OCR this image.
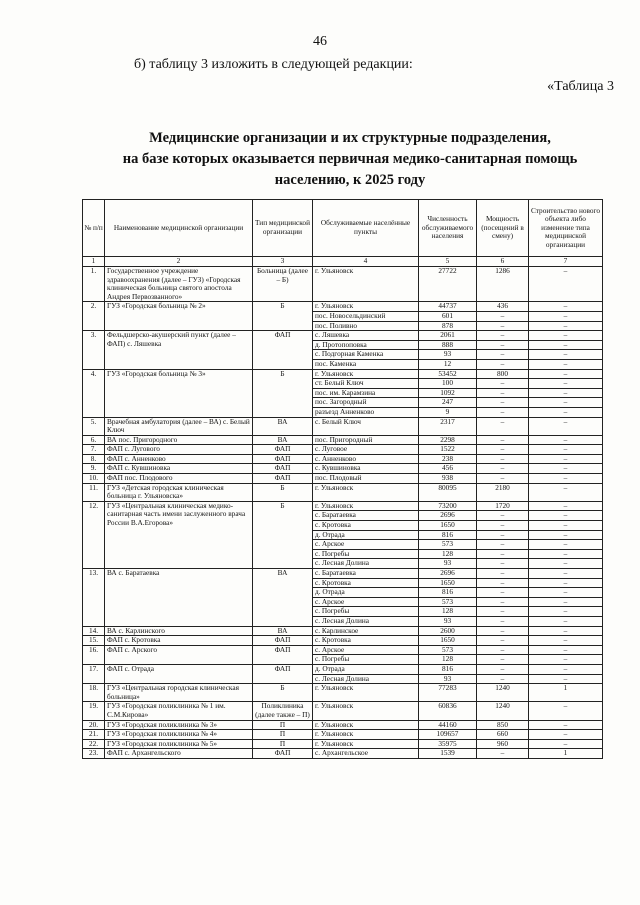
46
б) таблицу 3 изложить в следующей редакции:
«Таблица 3
Медицинские организации и их структурные подразделения,
на базе которых оказывается первичная медико-санитарная помощь
населению, к 2025 году
№ п/п	Наименование медицинской организации	Тип медицинской организации	Обслуживаемые населённые пункты	Численность обслуживаемого населения	Мощность (посещений в смену)	Строительство нового объекта либо изменение типа медицинской организации
1	2	3	4	5	6	7
1.	Государственное учреждение здравоохранения (далее – ГУЗ) «Городская клиническая больница святого апостола Андрея Первозванного»	Больница (далее – Б)	г. Ульяновск	27722	1286	–
2.	ГУЗ «Городская больница № 2»	Б	г. Ульяновск	44737	436	–
			пос. Новосельдинский	601	–	–
			пос. Поливно	878	–	–
3.	Фельдшерско-акушерский пункт (далее – ФАП) с. Ляшевка	ФАП	с. Ляшевка	2061	–	–
			д. Протопоповка	888	–	–
			с. Подгорная Каменка	93	–	–
			пос. Каменка	12	–	–
4.	ГУЗ «Городская больница № 3»	Б	г. Ульяновск	53452	800	–
			ст. Белый Ключ	100	–	–
			пос. им. Карамзина	1092	–	–
			пос. Загородный	247	–	–
			разъезд Анненково	9	–	–
5.	Врачебная амбулатория (далее – ВА) с. Белый Ключ	ВА	с. Белый Ключ	2317	–	–
6.	ВА пос. Пригородного	ВА	пос. Пригородный	2298	–	–
7.	ФАП с. Лугового	ФАП	с. Луговое	1522	–	–
8.	ФАП с. Анненково	ФАП	с. Анненково	238	–	–
9.	ФАП с. Кувшиновка	ФАП	с. Кувшиновка	456	–	–
10.	ФАП пос. Плодового	ФАП	пос. Плодовый	938	–	–
11.	ГУЗ «Детская городская клиническая больница г. Ульяновска»	Б	г. Ульяновск	80095	2180	–
12.	ГУЗ «Центральная клиническая медико-санитарная часть имени заслуженного врача России В.А.Егорова»	Б	г. Ульяновск	73200	1720	–
			с. Баратаевка	2696	–	–
			с. Кротовка	1650	–	–
			д. Отрада	816	–	–
			с. Арское	573	–	–
			с. Погребы	128	–	–
			с. Лесная Долина	93	–	–
13.	ВА с. Баратаевка	ВА	с. Баратаевка	2696	–	–
			с. Кротовка	1650	–	–
			д. Отрада	816	–	–
			с. Арское	573	–	–
			с. Погребы	128	–	–
			с. Лесная Долина	93	–	–
14.	ВА с. Карлинского	ВА	с. Карлинское	2600	–	–
15.	ФАП с. Кротовка	ФАП	с. Кротовка	1650	–	–
16.	ФАП с. Арского	ФАП	с. Арское	573	–	–
			с. Погребы	128	–	–
17.	ФАП с. Отрада	ФАП	д. Отрада	816	–	–
			с. Лесная Долина	93	–	–
18.	ГУЗ «Центральная городская клиническая больница»	Б	г. Ульяновск	77283	1240	1
19.	ГУЗ «Городская поликлиника № 1 им. С.М.Кирова»	Поликлиника (далее также – П)	г. Ульяновск	60836	1240	–
20.	ГУЗ «Городская поликлиника № 3»	П	г. Ульяновск	44160	850	–
21.	ГУЗ «Городская поликлиника № 4»	П	г. Ульяновск	109657	660	–
22.	ГУЗ «Городская поликлиника № 5»	П	г. Ульяновск	35975	960	–
23.	ФАП с. Архангельского	ФАП	с. Архангельское	1539	–	1
